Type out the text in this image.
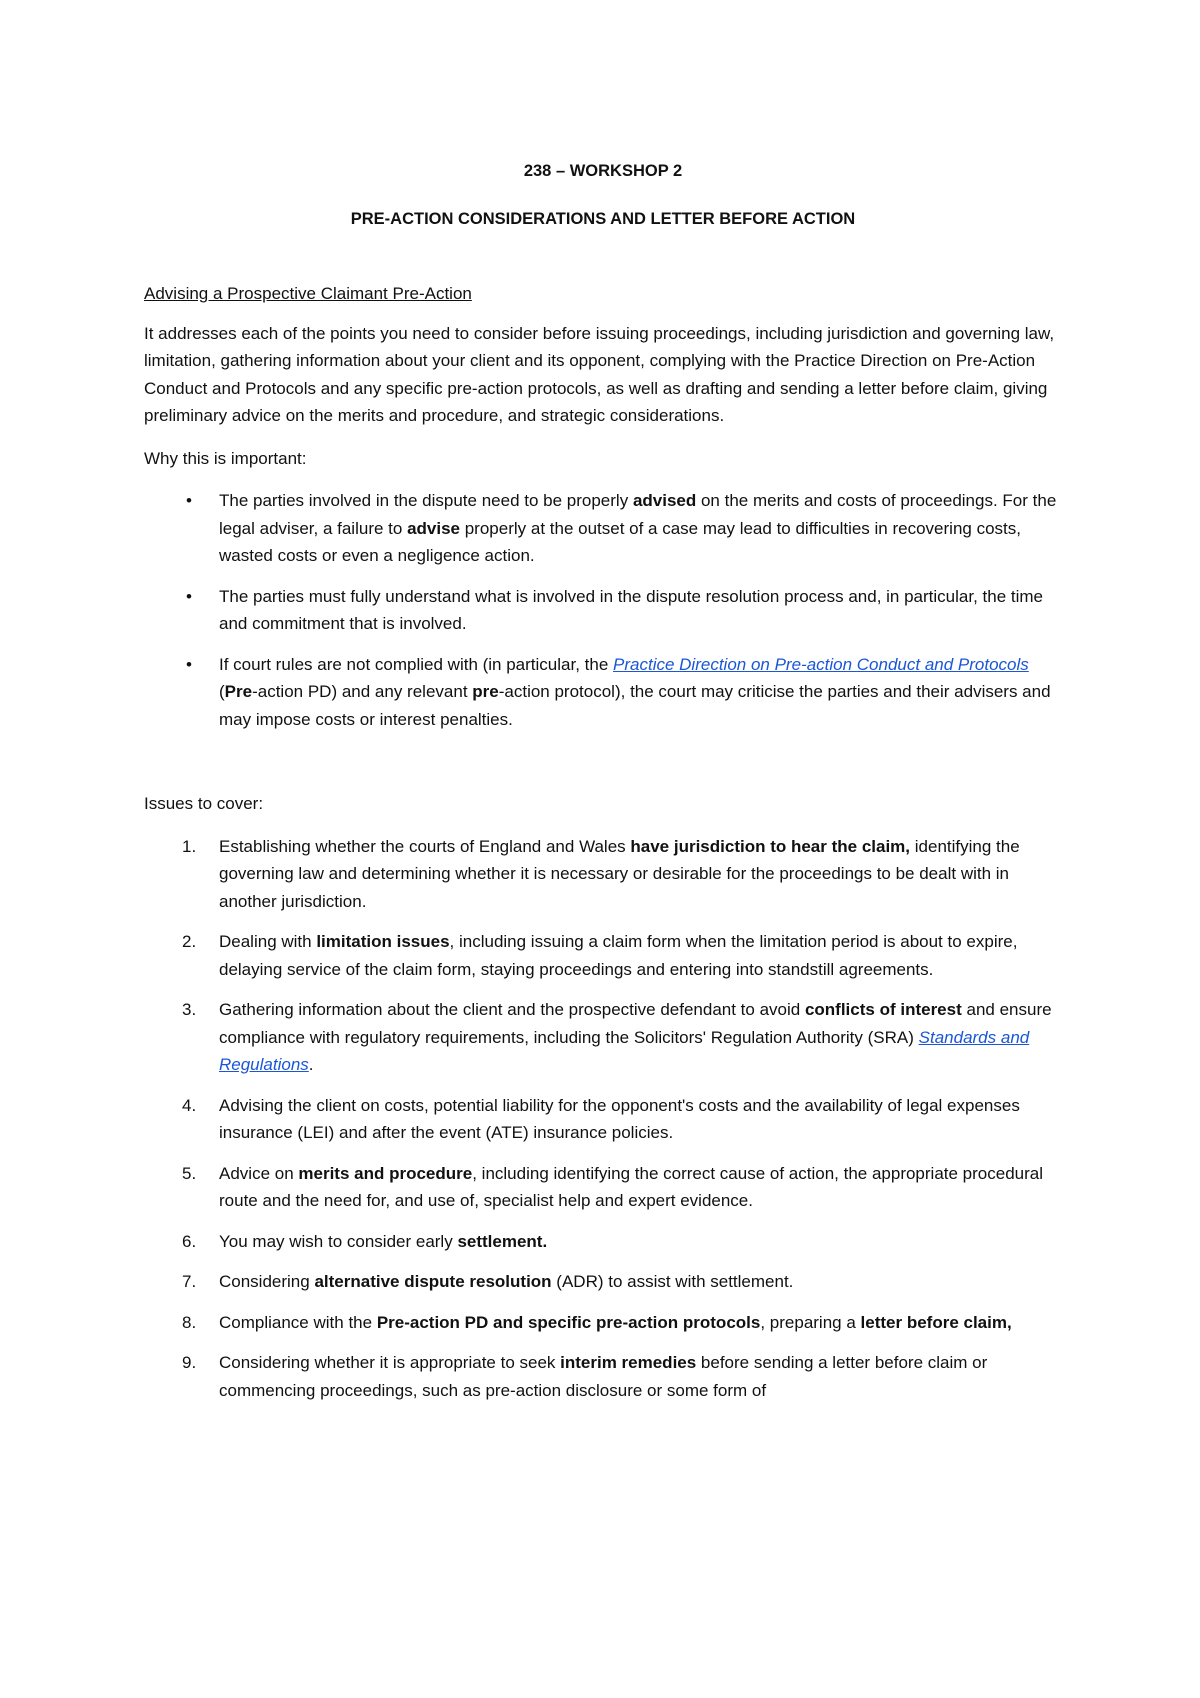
238 – WORKSHOP 2

PRE-ACTION CONSIDERATIONS AND LETTER BEFORE ACTION

Advising a Prospective Claimant Pre-Action

It addresses each of the points you need to consider before issuing proceedings, including jurisdiction and governing law, limitation, gathering information about your client and its opponent, complying with the Practice Direction on Pre-Action Conduct and Protocols and any specific pre-action protocols, as well as drafting and sending a letter before claim, giving preliminary advice on the merits and procedure, and strategic considerations.

Why this is important:

• The parties involved in the dispute need to be properly advised on the merits and costs of proceedings. For the legal adviser, a failure to advise properly at the outset of a case may lead to difficulties in recovering costs, wasted costs or even a negligence action.
• The parties must fully understand what is involved in the dispute resolution process and, in particular, the time and commitment that is involved.
• If court rules are not complied with (in particular, the Practice Direction on Pre-action Conduct and Protocols (Pre-action PD) and any relevant pre-action protocol), the court may criticise the parties and their advisers and may impose costs or interest penalties.

Issues to cover:

1.	Establishing whether the courts of England and Wales have jurisdiction to hear the claim, identifying the governing law and determining whether it is necessary or desirable for the proceedings to be dealt with in another jurisdiction.
2.	Dealing with limitation issues, including issuing a claim form when the limitation period is about to expire, delaying service of the claim form, staying proceedings and entering into standstill agreements.
3.	Gathering information about the client and the prospective defendant to avoid conflicts of interest and ensure compliance with regulatory requirements, including the Solicitors' Regulation Authority (SRA) Standards and Regulations.
4.	Advising the client on costs, potential liability for the opponent's costs and the availability of legal expenses insurance (LEI) and after the event (ATE) insurance policies.
5.	Advice on merits and procedure, including identifying the correct cause of action, the appropriate procedural route and the need for, and use of, specialist help and expert evidence.
6.	You may wish to consider early settlement.
7.	Considering alternative dispute resolution (ADR) to assist with settlement.
8.	Compliance with the Pre-action PD and specific pre-action protocols, preparing a letter before claim,
9.	Considering whether it is appropriate to seek interim remedies before sending a letter before claim or commencing proceedings, such as pre-action disclosure or some form of
